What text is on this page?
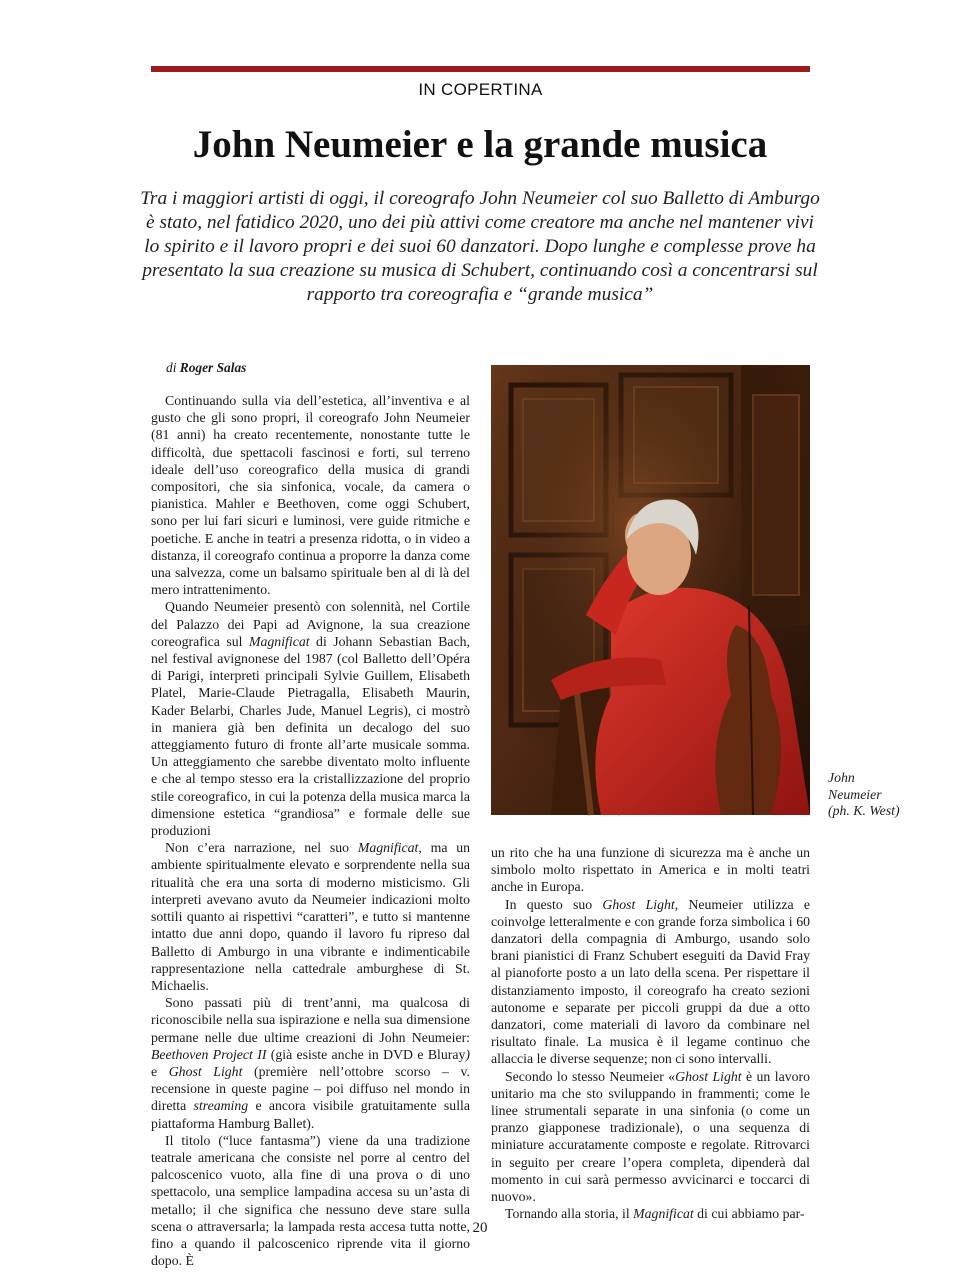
IN COPERTINA
John Neumeier e la grande musica

Tra i maggiori artisti di oggi, il coreografo John Neumeier col suo Balletto di Amburgo è stato, nel fatidico 2020, uno dei più attivi come creatore ma anche nel mantener vivi lo spirito e il lavoro propri e dei suoi 60 danzatori. Dopo lunghe e complesse prove ha presentato la sua creazione su musica di Schubert, continuando così a concentrarsi sul rapporto tra coreografia e “grande musica”

di Roger Salas

Continuando sulla via dell’estetica, all’inventiva e al gusto che gli sono propri, il coreografo John Neumeier (81 anni) ha creato recentemente, nonostante tutte le difficoltà, due spettacoli fascinosi e forti, sul terreno ideale dell’uso coreografico della musica di grandi compositori, che sia sinfonica, vocale, da camera o pianistica. Mahler e Beethoven, come oggi Schubert, sono per lui fari sicuri e luminosi, vere guide ritmiche e poetiche. E anche in teatri a presenza ridotta, o in video a distanza, il coreografo continua a proporre la danza come una salvezza, come un balsamo spirituale ben al di là del mero intrattenimento.

Quando Neumeier presentò con solennità, nel Cortile del Palazzo dei Papi ad Avignone, la sua creazione coreografica sul Magnificat di Johann Sebastian Bach, nel festival avignonese del 1987 (col Balletto dell’Opéra di Parigi, interpreti principali Sylvie Guillem, Elisabeth Platel, Marie-Claude Pietragalla, Elisabeth Maurin, Kader Belarbi, Charles Jude, Manuel Legris), ci mostrò in maniera già ben definita un decalogo del suo atteggiamento futuro di fronte all’arte musicale somma. Un atteggiamento che sarebbe diventato molto influente e che al tempo stesso era la cristallizzazione del proprio stile coreografico, in cui la potenza della musica marca la dimensione estetica “grandiosa” e formale delle sue produzioni

Non c’era narrazione, nel suo Magnificat, ma un ambiente spiritualmente elevato e sorprendente nella sua ritualità che era una sorta di moderno misticismo. Gli interpreti avevano avuto da Neumeier indicazioni molto sottili quanto ai rispettivi “caratteri”, e tutto si mantenne intatto due anni dopo, quando il lavoro fu ripreso dal Balletto di Amburgo in una vibrante e indimenticabile rappresentazione nella cattedrale amburghese di St. Michaelis.

Sono passati più di trent’anni, ma qualcosa di riconoscibile nella sua ispirazione e nella sua dimensione permane nelle due ultime creazioni di John Neumeier: Beethoven Project II (già esiste anche in DVD e Bluray) e Ghost Light (première nell’ottobre scorso – v. recensione in queste pagine – poi diffuso nel mondo in diretta streaming e ancora visibile gratuitamente sulla piattaforma Hamburg Ballet).

Il titolo (“luce fantasma”) viene da una tradizione teatrale americana che consiste nel porre al centro del palcoscenico vuoto, alla fine di una prova o di uno spettacolo, una semplice lampadina accesa su un’asta di metallo; il che significa che nessuno deve stare sulla scena o attraversarla; la lampada resta accesa tutta notte, fino a quando il palcoscenico riprende vita il giorno dopo. È

John
Neumeier
(ph. K. West)

un rito che ha una funzione di sicurezza ma è anche un simbolo molto rispettato in America e in molti teatri anche in Europa.

In questo suo Ghost Light, Neumeier utilizza e coinvolge letteralmente e con grande forza simbolica i 60 danzatori della compagnia di Amburgo, usando solo brani pianistici di Franz Schubert eseguiti da David Fray al pianoforte posto a un lato della scena. Per rispettare il distanziamento imposto, il coreografo ha creato sezioni autonome e separate per piccoli gruppi da due a otto danzatori, come materiali di lavoro da combinare nel risultato finale. La musica è il legame continuo che allaccia le diverse sequenze; non ci sono intervalli.

Secondo lo stesso Neumeier «Ghost Light è un lavoro unitario ma che sto sviluppando in frammenti; come le linee strumentali separate in una sinfonia (o come un pranzo giapponese tradizionale), o una sequenza di miniature accuratamente composte e regolate. Ritrovarci in seguito per creare l’opera completa, dipenderà dal momento in cui sarà permesso avvicinarci e toccarci di nuovo».

Tornando alla storia, il Magnificat di cui abbiamo par-

20
